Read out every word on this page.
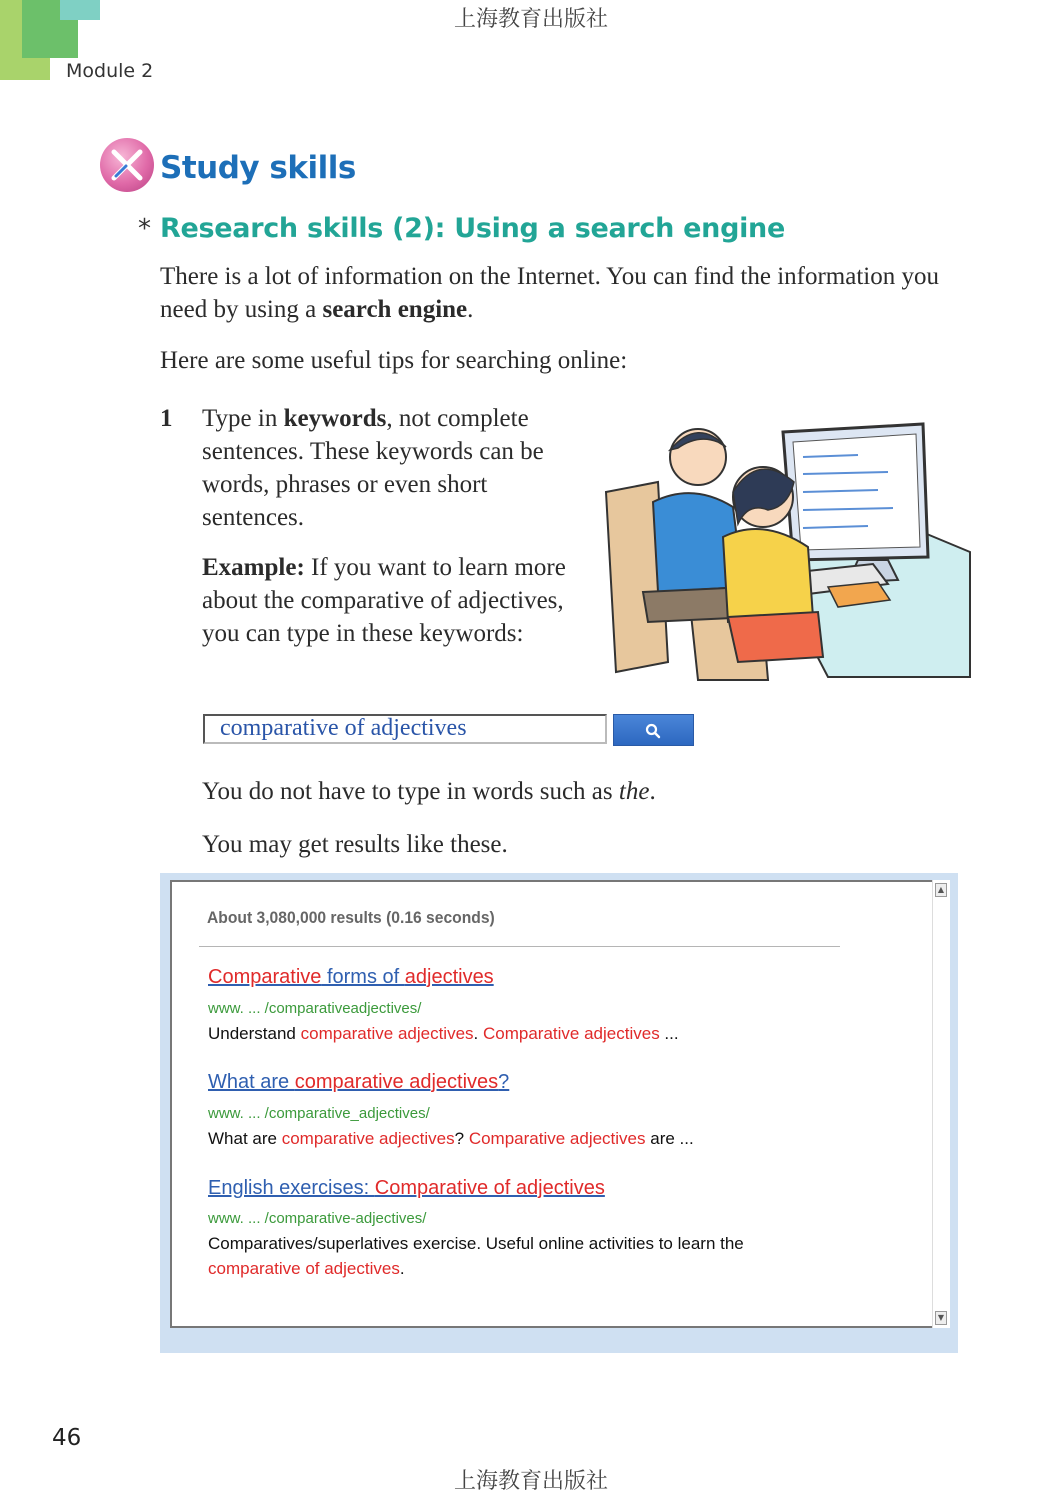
上海教育出版社
Module 2
Study skills
* Research skills (2): Using a search engine
There is a lot of information on the Internet. You can find the information you need by using a search engine.
Here are some useful tips for searching online:
1 Type in keywords, not complete sentences. These keywords can be words, phrases or even short sentences.
Example: If you want to learn more about the comparative of adjectives, you can type in these keywords:
comparative of adjectives
You do not have to type in words such as the.
You may get results like these.
▲
▼
About 3,080,000 results (0.16 seconds)
Comparative forms of adjectives
www. ... /comparativeadjectives/
Understand comparative adjectives. Comparative adjectives ...
What are comparative adjectives?
www. ... /comparative_adjectives/
What are comparative adjectives? Comparative adjectives are ...
English exercises: Comparative of adjectives
www. ... /comparative-adjectives/
Comparatives/superlatives exercise. Useful online activities to learn the
comparative of adjectives.
46
上海教育出版社
